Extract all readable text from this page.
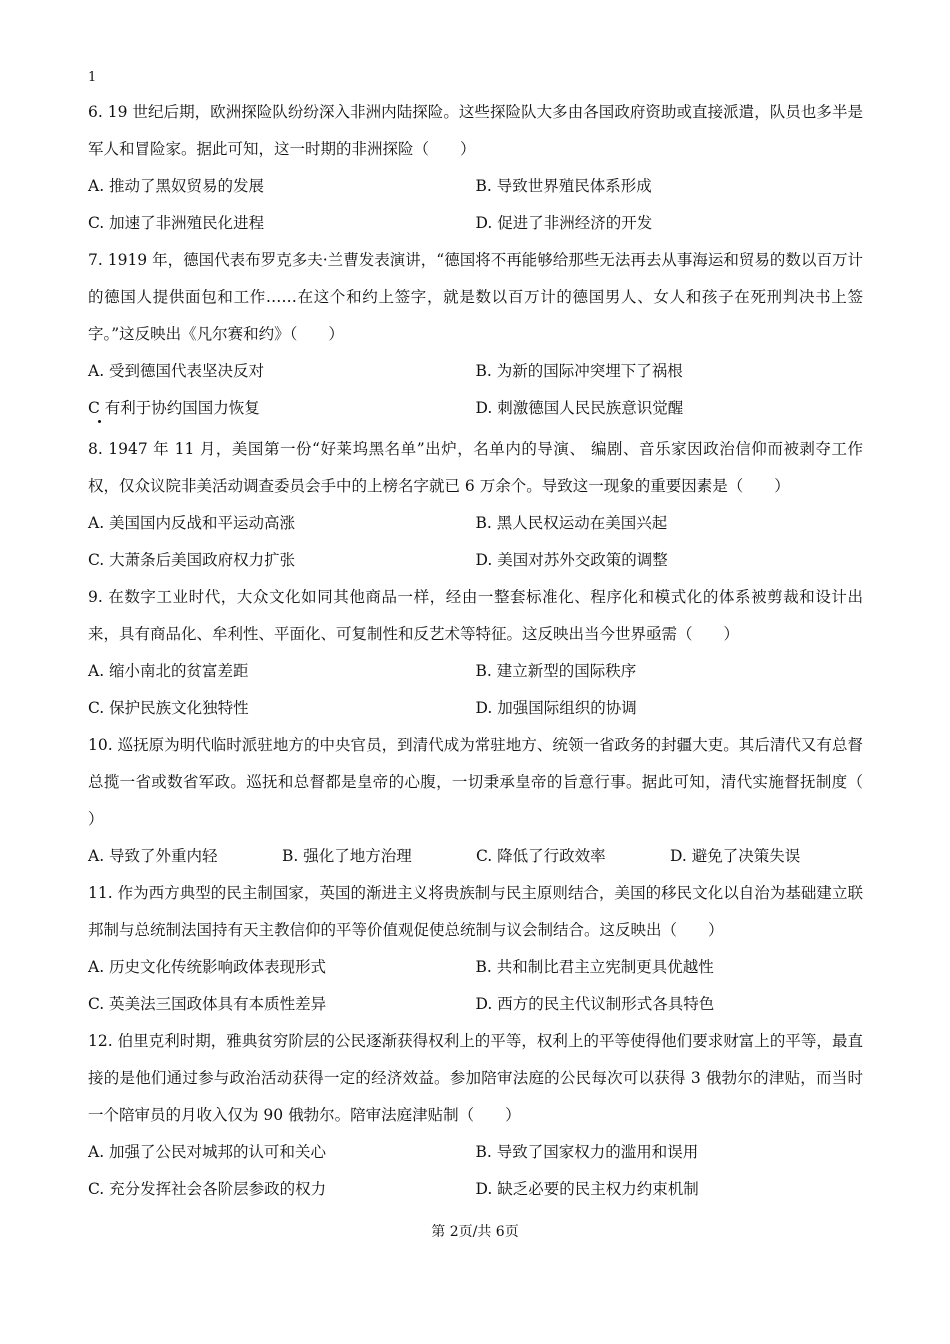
1

6. 19 世纪后期，欧洲探险队纷纷深入非洲内陆探险。这些探险队大多由各国政府资助或直接派遣，队员也多半是军人和冒险家。据此可知，这一时期的非洲探险（　　）

A. 推动了黑奴贸易的发展	B. 导致世界殖民体系形成
C. 加速了非洲殖民化进程	D. 促进了非洲经济的开发

7. 1919 年，德国代表布罗克多夫·兰曹发表演讲，“德国将不再能够给那些无法再去从事海运和贸易的数以百万计的德国人提供面包和工作……在这个和约上签字，就是数以百万计的德国男人、女人和孩子在死刑判决书上签字。”这反映出《凡尔赛和约》（　　）

A. 受到德国代表坚决反对	B. 为新的国际冲突埋下了祸根
C 有利于协约国国力恢复	D. 刺激德国人民民族意识觉醒

8. 1947 年 11 月，美国第一份“好莱坞黑名单”出炉，名单内的导演、 编剧、音乐家因政治信仰而被剥夺工作权，仅众议院非美活动调查委员会手中的上榜名字就已 6 万余个。导致这一现象的重要因素是（　　）

A. 美国国内反战和平运动高涨	B. 黑人民权运动在美国兴起
C. 大萧条后美国政府权力扩张	D. 美国对苏外交政策的调整

9. 在数字工业时代，大众文化如同其他商品一样，经由一整套标准化、程序化和模式化的体系被剪裁和设计出来，具有商品化、牟利性、平面化、可复制性和反艺术等特征。这反映出当今世界亟需（　　）

A. 缩小南北的贫富差距	B. 建立新型的国际秩序
C. 保护民族文化独特性	D. 加强国际组织的协调

10. 巡抚原为明代临时派驻地方的中央官员，到清代成为常驻地方、统领一省政务的封疆大吏。其后清代又有总督总揽一省或数省军政。巡抚和总督都是皇帝的心腹，一切秉承皇帝的旨意行事。据此可知，清代实施督抚制度（　　）

A. 导致了外重内轻	B. 强化了地方治理	C. 降低了行政效率	D. 避免了决策失误

11. 作为西方典型的民主制国家，英国的渐进主义将贵族制与民主原则结合，美国的移民文化以自治为基础建立联邦制与总统制法国持有天主教信仰的平等价值观促使总统制与议会制结合。这反映出（　　）

A. 历史文化传统影响政体表现形式	B. 共和制比君主立宪制更具优越性
C. 英美法三国政体具有本质性差异	D. 西方的民主代议制形式各具特色

12. 伯里克利时期，雅典贫穷阶层的公民逐渐获得权利上的平等，权利上的平等使得他们要求财富上的平等，最直接的是他们通过参与政治活动获得一定的经济效益。参加陪审法庭的公民每次可以获得 3 俄勃尔的津贴，而当时一个陪审员的月收入仅为 90 俄勃尔。陪审法庭津贴制（　　）

A. 加强了公民对城邦的认可和关心	B. 导致了国家权力的滥用和误用
C. 充分发挥社会各阶层参政的权力	D. 缺乏必要的民主权力约束机制
第 2页/共 6页
